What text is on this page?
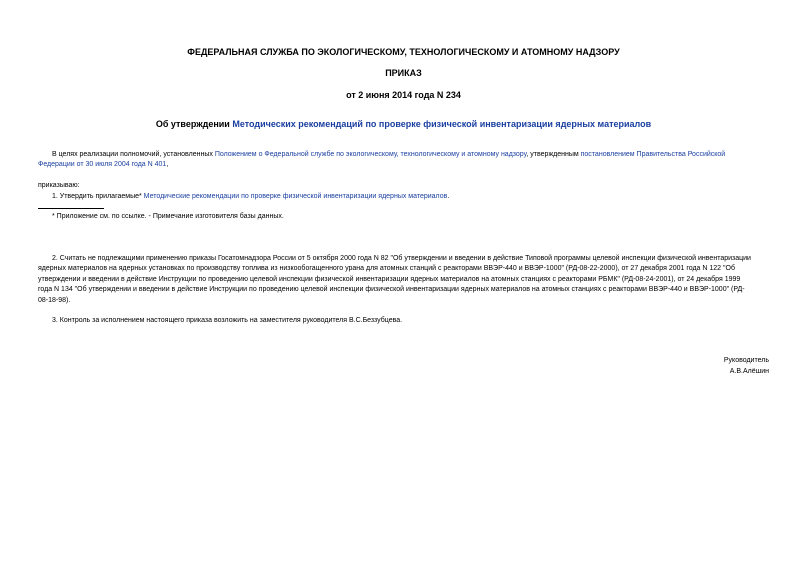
ФЕДЕРАЛЬНАЯ СЛУЖБА ПО ЭКОЛОГИЧЕСКОМУ, ТЕХНОЛОГИЧЕСКОМУ И АТОМНОМУ НАДЗОРУ
ПРИКАЗ
от 2 июня 2014 года N 234
Об утверждении Методических рекомендаций по проверке физической инвентаризации ядерных материалов
В целях реализации полномочий, установленных Положением о Федеральной службе по экологическому, технологическому и атомному надзору, утвержденным постановлением Правительства Российской
Федерации от 30 июля 2004 года N 401,
приказываю:
1. Утвердить прилагаемые* Методические рекомендации по проверке физической инвентаризации ядерных материалов.
* Приложение см. по ссылке. - Примечание изготовителя базы данных.
2. Считать не подлежащими применению приказы Госатомнадзора России от 5 октября 2000 года N 82 "Об утверждении и введении в действие Типовой программы целевой инспекции физической инвентаризации
ядерных материалов на ядерных установках по производству топлива из низкообогащенного урана для атомных станций с реакторами ВВЭР-440 и ВВЭР-1000" (РД-08-22-2000), от 27 декабря 2001 года N 122 "Об
утверждении и введении в действие Инструкции по проведению целевой инспекции физической инвентаризации ядерных материалов на атомных станциях с реакторами РБМК" (РД-08-24-2001), от 24 декабря 1999
года N 134 "Об утверждении и введении в действие Инструкции по проведению целевой инспекции физической инвентаризации ядерных материалов на атомных станциях с реакторами ВВЭР-440 и ВВЭР-1000" (РД-
08-18-98).
3. Контроль за исполнением настоящего приказа возложить на заместителя руководителя В.С.Беззубцева.
Руководитель
А.В.Алёшин
